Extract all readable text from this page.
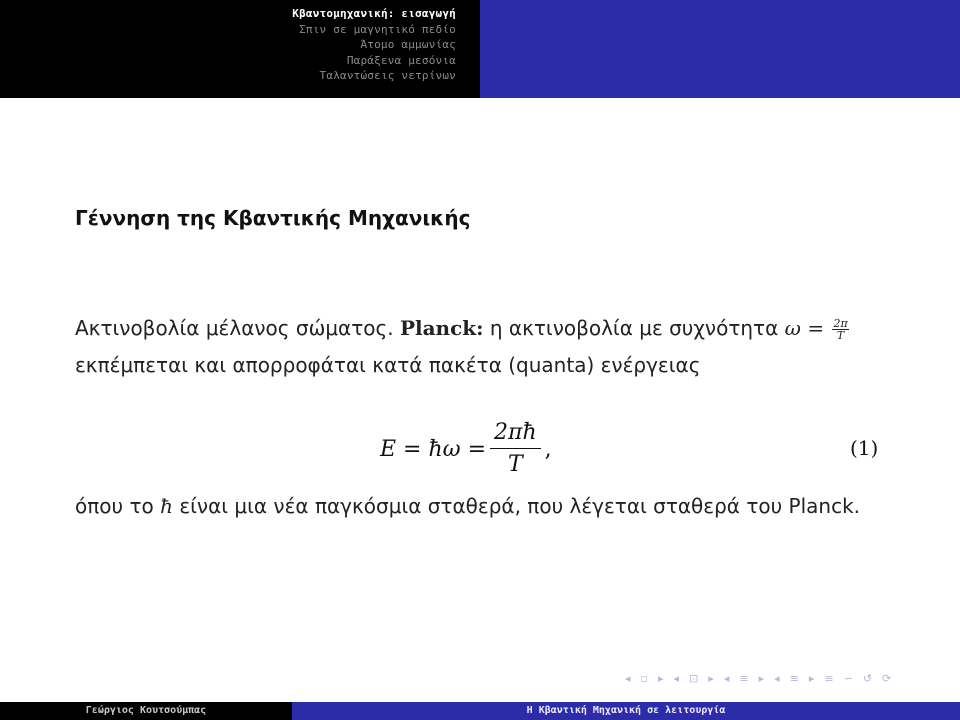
Κβαντομηχανική: εισαγωγή
Σπιν σε μαγνητικό πεδίο
Άτομο αμμωνίας
Παράξενα μεσόνια
Ταλαντώσεις νετρίνων
Γέννηση της Κβαντικής Μηχανικής
Ακτινοβολία μέλανος σώματος. Planck: η ακτινοβολία με συχνότητα $\omega = \frac{2\pi}{T}$
εκπέμπεται και απορροφάται κατά πακέτα (quanta) ενέργειας
E = ħω = $\frac{2\pi ħ}{T}$ ,	(1)
όπου το ħ είναι μια νέα παγκόσμια σταθερά, που λέγεται σταθερά του Planck.
◂ ▫ ▸ ◂ ⊡ ▸ ◂ ≡ ▸ ◂ ≡ ▸ ≡ ∽ ↺ ⟳
Γεώργιος Κουτσούμπας	Η Κβαντική Μηχανική σε λειτουργία
